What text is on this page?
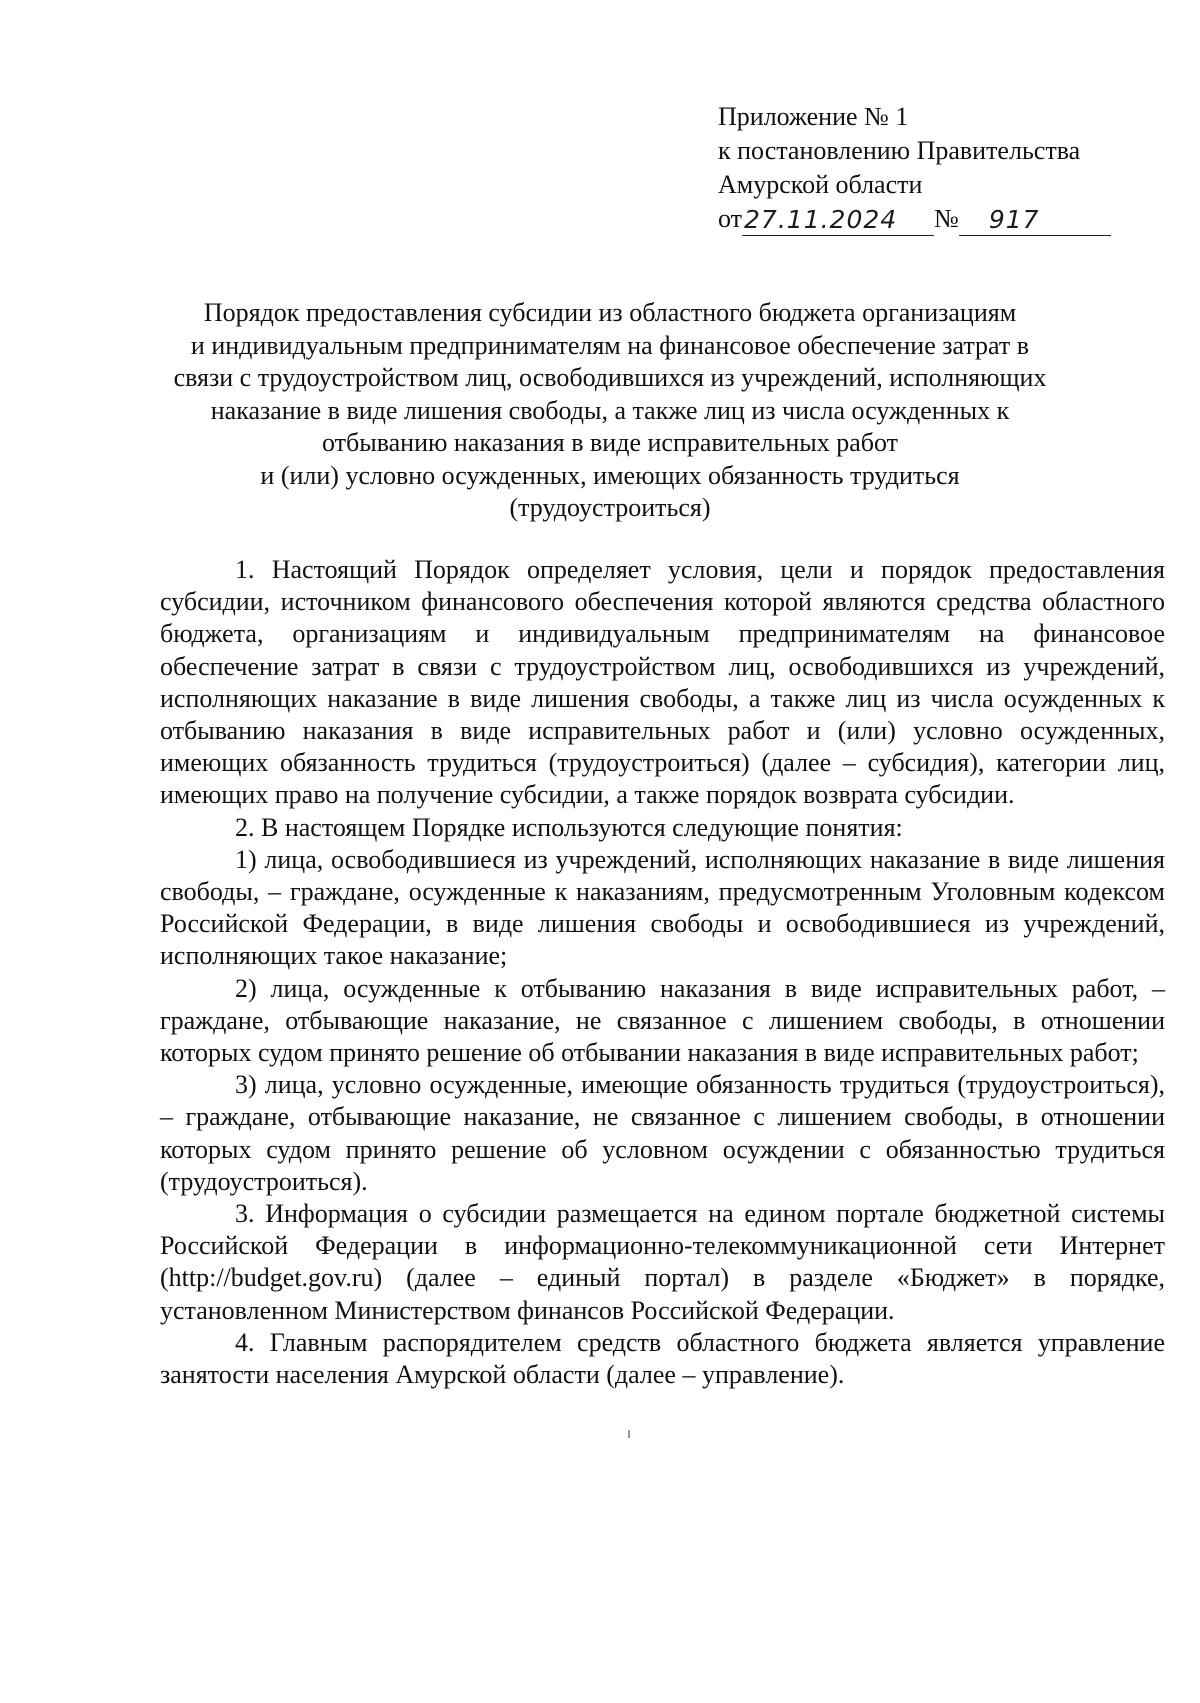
Приложение № 1
к постановлению Правительства
Амурской области
от 27.11.2024	№	917
Порядок предоставления субсидии из областного бюджета организациям
и индивидуальным предпринимателям на финансовое обеспечение затрат в
связи с трудоустройством лиц, освободившихся из учреждений, исполняющих
наказание в виде лишения свободы, а также лиц из числа осужденных к
отбыванию наказания в виде исправительных работ
и (или) условно осужденных, имеющих обязанность трудиться
(трудоустроиться)

1. Настоящий Порядок определяет условия, цели и порядок предоставления субсидии, источником финансового обеспечения которой являются средства областного бюджета, организациям и индивидуальным предпринимателям на финансовое обеспечение затрат в связи с трудоустройством лиц, освободившихся из учреждений, исполняющих наказание в виде лишения свободы, а также лиц из числа осужденных к отбыванию наказания в виде исправительных работ и (или) условно осужденных, имеющих обязанность трудиться (трудоустроиться) (далее – субсидия), категории лиц, имеющих право на получение субсидии, а также порядок возврата субсидии.

2. В настоящем Порядке используются следующие понятия:

1) лица, освободившиеся из учреждений, исполняющих наказание в виде лишения свободы, – граждане, осужденные к наказаниям, предусмотренным Уголовным кодексом Российской Федерации, в виде лишения свободы и освободившиеся из учреждений, исполняющих такое наказание;

2) лица, осужденные к отбыванию наказания в виде исправительных работ, – граждане, отбывающие наказание, не связанное с лишением свободы, в отношении которых судом принято решение об отбывании наказания в виде исправительных работ;

3) лица, условно осужденные, имеющие обязанность трудиться (трудоустроиться), – граждане, отбывающие наказание, не связанное с лишением свободы, в отношении которых судом принято решение об условном осуждении с обязанностью трудиться (трудоустроиться).

3. Информация о субсидии размещается на едином портале бюджетной системы Российской Федерации в информационно-телекоммуникационной сети Интернет (http://budget.gov.ru) (далее – единый портал) в разделе «Бюджет» в порядке, установленном Министерством финансов Российской Федерации.

4. Главным распорядителем средств областного бюджета является управление занятости населения Амурской области (далее – управление).
